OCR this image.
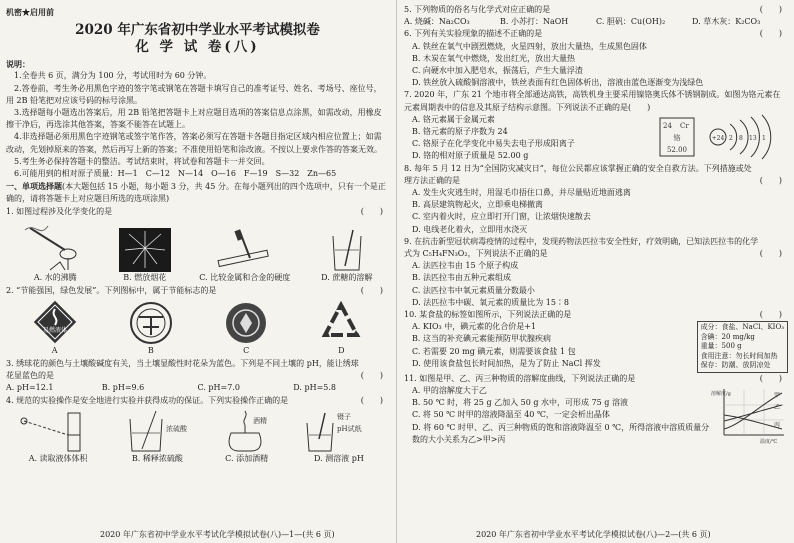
机密★启用前
2020 年广东省初中学业水平考试模拟卷
化 学 试 卷(八)
说明：
1.全卷共 6 页，满分为 100 分，考试用时为 60 分钟。
2.答卷前，考生务必用黑色字迹的签字笔或钢笔在答题卡填写自己的准考证号、姓名、考场号、座位号，用 2B 铅笔把对应该号码的标号涂黑。
3.选择题每小题选出答案后，用 2B 铅笔把答题卡上对应题目选项的答案信息点涂黑，如需改动，用橡皮擦干净后，再选涂其他答案，答案不能答在试题上。
4.非选择题必须用黑色字迹钢笔或签字笔作答，答案必须写在答题卡各题目指定区域内相应位置上；如需改动，先划掉原来的答案，然后再写上新的答案；不准使用铅笔和涂改液。不按以上要求作答的答案无效。
5.考生务必保持答题卡的整洁。考试结束时，将试卷和答题卡一并交回。
6.可能用到的相对原子质量：H—1　C—12　N—14　O—16　F—19　S—32　Zn—65
一、单项选择题(本大题包括 15 小题，每小题 3 分，共 45 分。在每小题列出的四个选项中，只有一个是正确的，请将答题卡上对应题目所选的选项涂黑)
1. 如图过程涉及化学变化的是	(　　)
A. 水的沸腾	B. 燃放烟花	C. 比较金属和合金的硬度	D. 蔗糖的溶解
2. “节能强国，绿色发展”。下列图标中，属于节能标志的是	(　　)
易燃液体
A	B	C	D
3. 绣球花的颜色与土壤酸碱度有关，当土壤显酸性时花朵为蓝色。下列是不同土壤的 pH，能让绣球花显蓝色的是	(　　)
A. pH=12.1	B. pH=9.6	C. pH=7.0	D. pH=5.8
4. 规范的实验操作是安全地进行实验并获得成功的保证。下列实验操作正确的是	(　　)
A. 读取液体体积
浓硫酸
B. 稀释浓硫酸
酒精
C. 添加酒精
镊子
pH试纸
D. 测溶液 pH
5. 下列物质的俗名与化学式对应正确的是	(　　)
A. 烧碱：Na₂CO₃	B. 小苏打：NaOH	C. 胆矾：Cu(OH)₂	D. 草木灰：K₂CO₃
6. 下列有关实验现象的描述不正确的是	(　　)
A. 铁丝在氧气中剧烈燃烧，火星四射，放出大量热，生成黑色固体
B. 木炭在氧气中燃烧，发出红光，放出大量热
C. 向硬水中加入肥皂水，振荡后，产生大量浮渣
D. 铁丝放入硫酸铜溶液中，铁丝表面有红色固体析出，溶液由蓝色逐渐变为浅绿色
7. 2020 年，广东 21 个地市将全部通达高铁，高铁机身主要采用镍铬奥氏体不锈钢制成。如图为铬元素在元素周期表中的信息及其原子结构示意图。下列说法不正确的是(　　)
A. 铬元素属于金属元素
B. 铬元素的原子序数为 24
C. 铬原子在化学变化中易失去电子形成阳离子
D. 铬的相对原子质量是 52.00 g
24 Cr
铬
52.00
+24 2 8 13 1
8. 每年 5 月 12 日为“全国防灾减灾日”，每位公民都应该掌握正确的安全自救方法。下列措施或处理方法正确的是	(　　)
A. 发生火灾逃生时，用湿毛巾捂住口鼻，并尽量贴近地面逃离
B. 高层建筑物起火，立即乘电梯撤离
C. 室内着火时，应立即打开门窗，让浓烟快速散去
D. 电线老化着火，立即用水浇灭
9. 在抗击新型冠状病毒疫情的过程中，发现药物法匹拉韦安全性好，疗效明确，已知法匹拉韦的化学式为 C₅H₄FN₃O₂，下列说法不正确的是	(　　)
A. 法匹拉韦由 15 个原子构成
B. 法匹拉韦由五种元素组成
C. 法匹拉韦中氧元素质量分数最小
D. 法匹拉韦中碳、氧元素的质量比为 15∶8
10. 某食盐的标签如图所示，下列说法正确的是	(　　)
A. KIO₃ 中，碘元素的化合价是+1
B. 这当的补充碘元素能预防甲状腺疾病
C. 若需要 20 mg 碘元素，则需要该食盐 1 包
D. 使用该食盐包长时间加热，是为了防止 NaCl 挥发
成分：食盐、NaCl、KIO₃
含碘：20 mg/kg
重量：500 g
食用注意：勿长时间加热
保存：防潮、放阴凉处
11. 如图是甲、乙、丙三种物质的溶解度曲线，下列说法正确的是	(　　)
A. 甲的溶解度大于乙
B. 50 ℃ 时，将 25 g 乙加入 50 g 水中，可形成 75 g 溶液
C. 将 50 ℃ 时甲的溶液降温至 40 ℃，一定会析出晶体
D. 将 60 ℃ 时甲、乙、丙三种物质的饱和溶液降温至 0 ℃，所得溶液中溶质质量分数的大小关系为乙>甲>丙
甲
乙
丙
溶解度/g
温度/℃
2020 年广东省初中学业水平考试化学模拟试卷(八)—1—(共 6 页)	2020 年广东省初中学业水平考试化学模拟试卷(八)—2—(共 6 页)
